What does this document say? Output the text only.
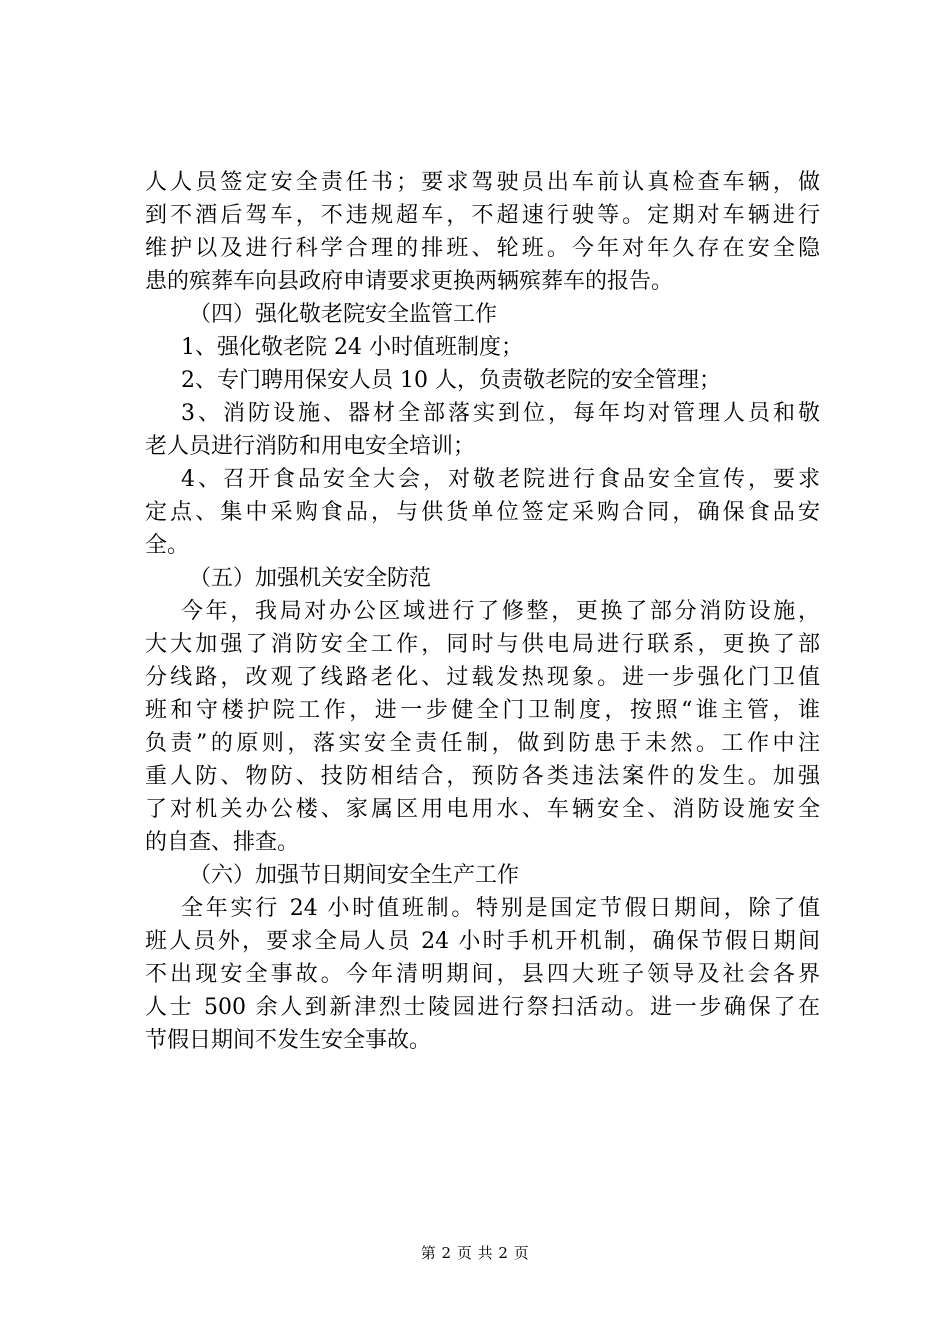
人人员签定安全责任书；要求驾驶员出车前认真检查车辆，做
到不酒后驾车，不违规超车，不超速行驶等。定期对车辆进行
维护以及进行科学合理的排班、轮班。今年对年久存在安全隐
患的殡葬车向县政府申请要求更换两辆殡葬车的报告。
（四）强化敬老院安全监管工作
1、强化敬老院 24 小时值班制度；
2、专门聘用保安人员 10 人，负责敬老院的安全管理；
3、消防设施、器材全部落实到位，每年均对管理人员和敬
老人员进行消防和用电安全培训；
4、召开食品安全大会，对敬老院进行食品安全宣传，要求
定点、集中采购食品，与供货单位签定采购合同，确保食品安
全。
（五）加强机关安全防范
今年，我局对办公区域进行了修整，更换了部分消防设施，
大大加强了消防安全工作，同时与供电局进行联系，更换了部
分线路，改观了线路老化、过载发热现象。进一步强化门卫值
班和守楼护院工作，进一步健全门卫制度，按照“谁主管，谁
负责”的原则，落实安全责任制，做到防患于未然。工作中注
重人防、物防、技防相结合，预防各类违法案件的发生。加强
了对机关办公楼、家属区用电用水、车辆安全、消防设施安全
的自查、排查。
（六）加强节日期间安全生产工作
全年实行 24 小时值班制。特别是国定节假日期间，除了值
班人员外，要求全局人员 24 小时手机开机制，确保节假日期间
不出现安全事故。今年清明期间，县四大班子领导及社会各界
人士 500 余人到新津烈士陵园进行祭扫活动。进一步确保了在
节假日期间不发生安全事故。
第 2 页 共 2 页
